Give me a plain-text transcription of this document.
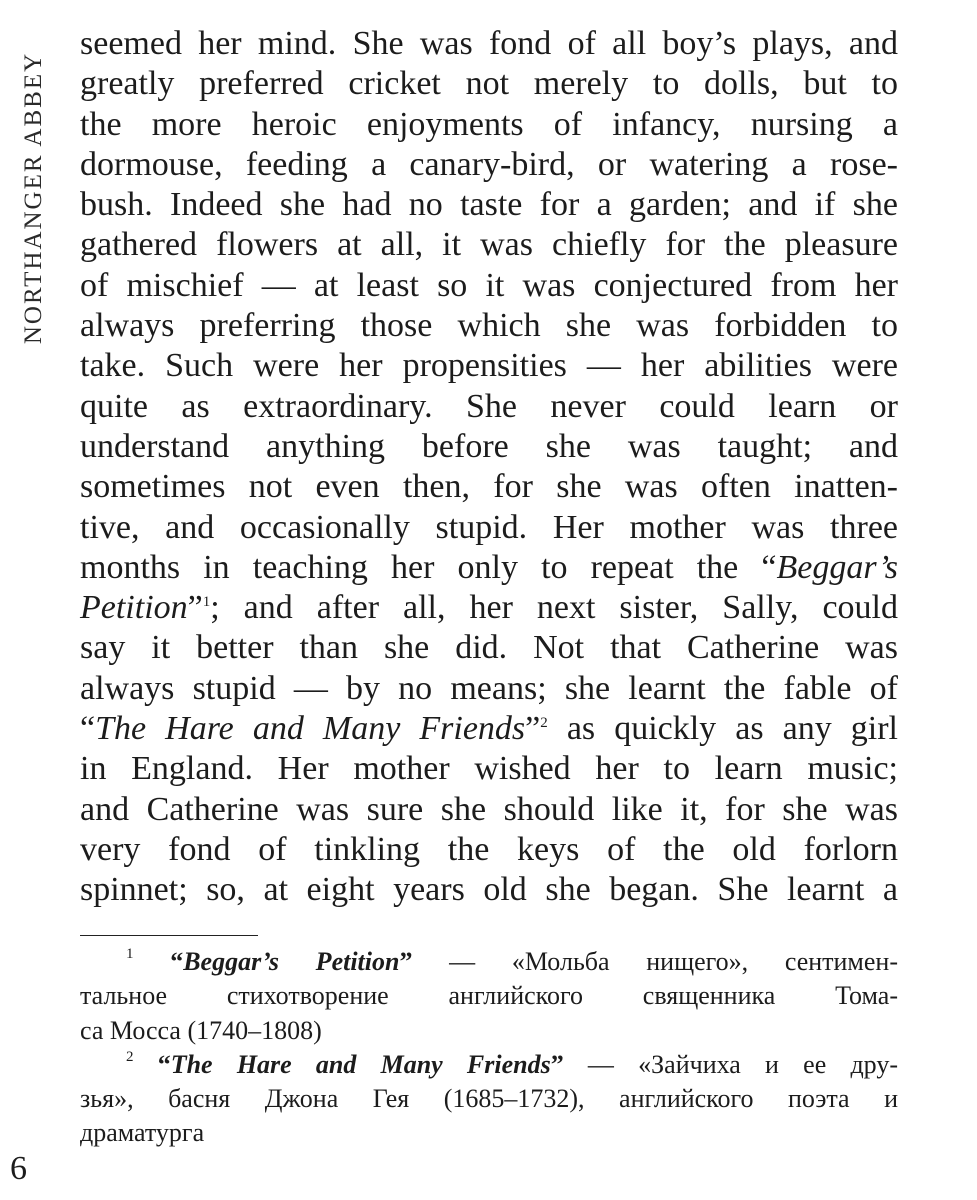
NORTHANGER ABBEY
seemed her mind. She was fond of all boy’s plays, and
greatly preferred cricket not merely to dolls, but to
the more heroic enjoyments of infancy, nursing a
dormouse, feeding a canary-bird, or watering a rose-
bush. Indeed she had no taste for a garden; and if she
gathered flowers at all, it was chiefly for the pleasure
of mischief — at least so it was conjectured from her
always preferring those which she was forbidden to
take. Such were her propensities — her abilities were
quite as extraordinary. She never could learn or
understand anything before she was taught; and
sometimes not even then, for she was often inatten-
tive, and occasionally stupid. Her mother was three
months in teaching her only to repeat the “Beggar’s
Petition”$^1$; and after all, her next sister, Sally, could
say it better than she did. Not that Catherine was
always stupid — by no means; she learnt the fable of
“The Hare and Many Friends”$^2$ as quickly as any girl
in England. Her mother wished her to learn music;
and Catherine was sure she should like it, for she was
very fond of tinkling the keys of the old forlorn
spinnet; so, at eight years old she began. She learnt a
$^1$ “Beggar’s Petition” — «Мольба нищего», сентимен-
тальное стихотворение английского священника Тома-
са Мосса (1740–1808)
$^2$ “The Hare and Many Friends” — «Зайчиха и ее дру-
зья», басня Джона Гея (1685–1732), английского поэта и
драматурга
6
